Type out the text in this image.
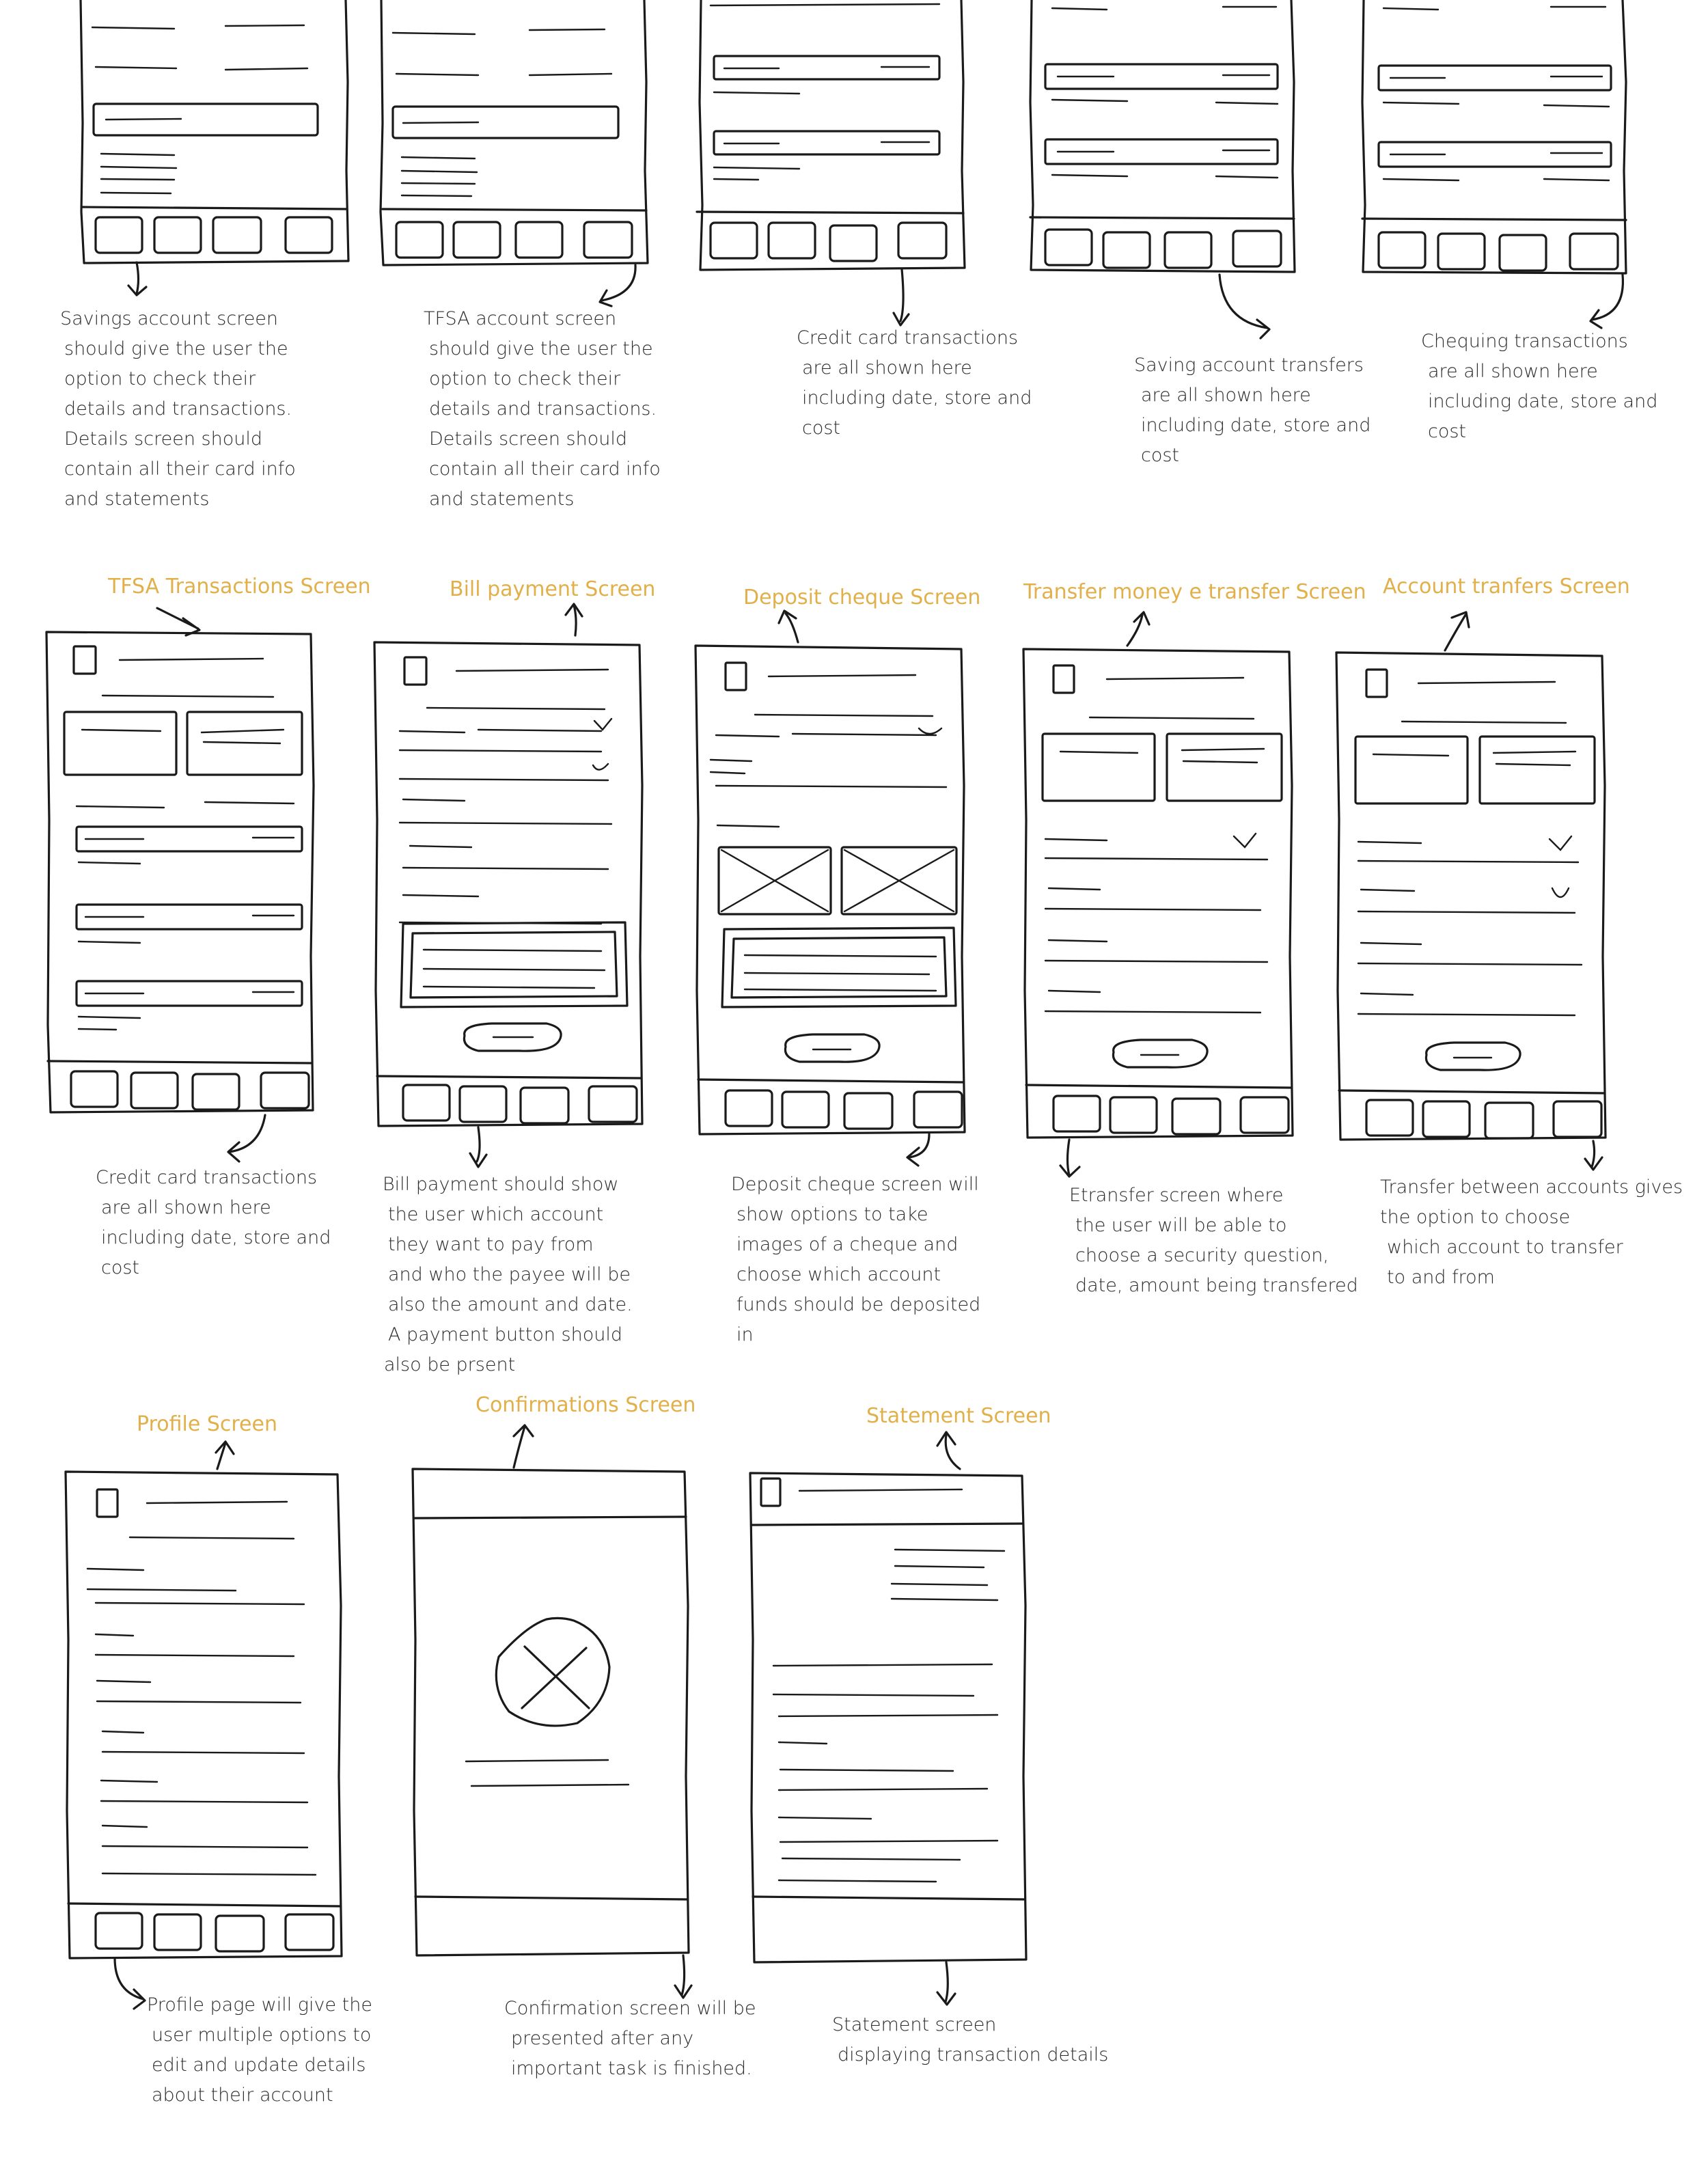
Savings account screen should give the user the option to check their details and transactions. Details screen should contain all their card info and statements
TFSA account screen should give the user the option to check their details and transactions. Details screen should contain all their card info and statements
Credit card transactions are all shown here including date, store and cost
Saving account transfers are all shown here including date, store and cost
Chequing transactions are all shown here including date, store and cost
TFSA Transactions Screen
Credit card transactions are all shown here including date, store and cost
Bill payment Screen
Bill payment should show the user which account they want to pay from and who the payee will be also the amount and date. A payment button should also be prsent
Deposit cheque Screen
Deposit cheque screen will show options to take images of a cheque and choose which account funds should be deposited in
Transfer money e transfer Screen
Etransfer screen where the user will be able to choose a security question, date, amount being transfered
Account tranfers Screen
Transfer between accounts gives the option to choose which account to transfer to and from
Profile Screen
Profile page will give the user multiple options to edit and update details about their account
Confirmations Screen
Confirmation screen will be presented after any important task is finished.
Statement Screen
Statement screen displaying transaction details
